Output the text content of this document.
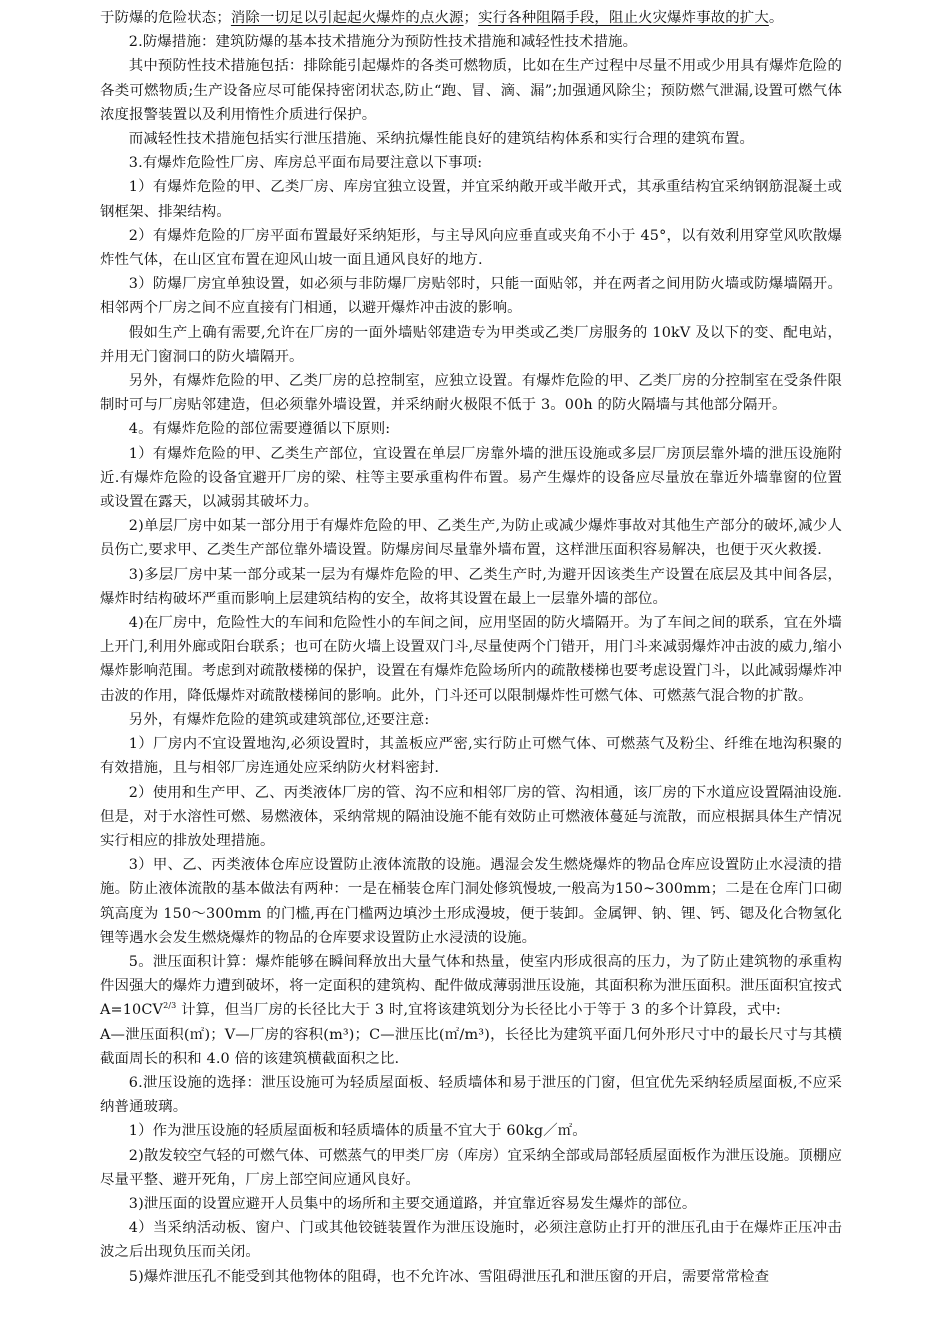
于防爆的危险状态；消除一切足以引起起火爆炸的点火源；实行各种阻隔手段，阻止火灾爆炸事故的扩大。

2.防爆措施：建筑防爆的基本技术措施分为预防性技术措施和减轻性技术措施。

其中预防性技术措施包括：排除能引起爆炸的各类可燃物质，比如在生产过程中尽量不用或少用具有爆炸危险的各类可燃物质;生产设备应尽可能保持密闭状态,防止“跑、冒、滴、漏”;加强通风除尘；预防燃气泄漏,设置可燃气体浓度报警装置以及利用惰性介质进行保护。

而减轻性技术措施包括实行泄压措施、采纳抗爆性能良好的建筑结构体系和实行合理的建筑布置。

3.有爆炸危险性厂房、库房总平面布局要注意以下事项:

1）有爆炸危险的甲、乙类厂房、库房宜独立设置，并宜采纳敞开或半敞开式，其承重结构宜采纳钢筋混凝土或钢框架、排架结构。

2）有爆炸危险的厂房平面布置最好采纳矩形，与主导风向应垂直或夹角不小于 45°，以有效利用穿堂风吹散爆炸性气体，在山区宜布置在迎风山坡一面且通风良好的地方.

3）防爆厂房宜单独设置，如必须与非防爆厂房贴邻时，只能一面贴邻，并在两者之间用防火墙或防爆墙隔开。相邻两个厂房之间不应直接有门相通，以避开爆炸冲击波的影响。

假如生产上确有需要,允许在厂房的一面外墙贴邻建造专为甲类或乙类厂房服务的 10kV 及以下的变、配电站，并用无门窗洞口的防火墙隔开。

另外，有爆炸危险的甲、乙类厂房的总控制室，应独立设置。有爆炸危险的甲、乙类厂房的分控制室在受条件限制时可与厂房贴邻建造，但必须靠外墙设置，并采纳耐火极限不低于 3。00h 的防火隔墙与其他部分隔开。

4。有爆炸危险的部位需要遵循以下原则:

1）有爆炸危险的甲、乙类生产部位，宜设置在单层厂房靠外墙的泄压设施或多层厂房顶层靠外墙的泄压设施附近.有爆炸危险的设备宜避开厂房的梁、柱等主要承重构件布置。易产生爆炸的设备应尽量放在靠近外墙靠窗的位置或设置在露天，以减弱其破坏力。

2)单层厂房中如某一部分用于有爆炸危险的甲、乙类生产,为防止或减少爆炸事故对其他生产部分的破坏,减少人员伤亡,要求甲、乙类生产部位靠外墙设置。防爆房间尽量靠外墙布置，这样泄压面积容易解决，也便于灭火救援.

3)多层厂房中某一部分或某一层为有爆炸危险的甲、乙类生产时,为避开因该类生产设置在底层及其中间各层，爆炸时结构破坏严重而影响上层建筑结构的安全，故将其设置在最上一层靠外墙的部位。

4)在厂房中，危险性大的车间和危险性小的车间之间，应用坚固的防火墙隔开。为了车间之间的联系，宜在外墙上开门,利用外廊或阳台联系；也可在防火墙上设置双门斗,尽量使两个门错开，用门斗来减弱爆炸冲击波的威力,缩小爆炸影响范围。考虑到对疏散楼梯的保护，设置在有爆炸危险场所内的疏散楼梯也要考虑设置门斗，以此减弱爆炸冲击波的作用，降低爆炸对疏散楼梯间的影响。此外，门斗还可以限制爆炸性可燃气体、可燃蒸气混合物的扩散。

另外，有爆炸危险的建筑或建筑部位,还要注意:

1）厂房内不宜设置地沟,必须设置时，其盖板应严密,实行防止可燃气体、可燃蒸气及粉尘、纤维在地沟积聚的有效措施，且与相邻厂房连通处应采纳防火材料密封.

2）使用和生产甲、乙、丙类液体厂房的管、沟不应和相邻厂房的管、沟相通，该厂房的下水道应设置隔油设施.但是，对于水溶性可燃、易燃液体，采纳常规的隔油设施不能有效防止可燃液体蔓延与流散，而应根据具体生产情况实行相应的排放处理措施。

3）甲、乙、丙类液体仓库应设置防止液体流散的设施。遇湿会发生燃烧爆炸的物品仓库应设置防止水浸渍的措施。防止液体流散的基本做法有两种：一是在桶装仓库门洞处修筑慢坡,一般高为150~300mm；二是在仓库门口砌筑高度为 150～300mm 的门槛,再在门槛两边填沙土形成漫坡，便于装卸。金属钾、钠、锂、钙、锶及化合物氢化锂等遇水会发生燃烧爆炸的物品的仓库要求设置防止水浸渍的设施。

5。泄压面积计算：爆炸能够在瞬间释放出大量气体和热量，使室内形成很高的压力，为了防止建筑物的承重构件因强大的爆炸力遭到破坏，将一定面积的建筑构、配件做成薄弱泄压设施，其面积称为泄压面积。泄压面积宜按式 $A=10CV^{2/3}$ 计算，但当厂房的长径比大于 3 时,宜将该建筑划分为长径比小于等于 3 的多个计算段，式中:

A—泄压面积(㎡)；V—厂房的容积(m³)；C—泄压比(㎡/m³)，长径比为建筑平面几何外形尺寸中的最长尺寸与其横截面周长的积和 4.0 倍的该建筑横截面积之比.

6.泄压设施的选择：泄压设施可为轻质屋面板、轻质墙体和易于泄压的门窗，但宜优先采纳轻质屋面板,不应采纳普通玻璃。

1）作为泄压设施的轻质屋面板和轻质墙体的质量不宜大于 60kg／㎡。

2)散发较空气轻的可燃气体、可燃蒸气的甲类厂房（库房）宜采纳全部或局部轻质屋面板作为泄压设施。顶棚应尽量平整、避开死角，厂房上部空间应通风良好。

3)泄压面的设置应避开人员集中的场所和主要交通道路，并宜靠近容易发生爆炸的部位。

4）当采纳活动板、窗户、门或其他铰链装置作为泄压设施时，必须注意防止打开的泄压孔由于在爆炸正压冲击波之后出现负压而关闭。

5)爆炸泄压孔不能受到其他物体的阻碍，也不允许冰、雪阻碍泄压孔和泄压窗的开启，需要常常检查
